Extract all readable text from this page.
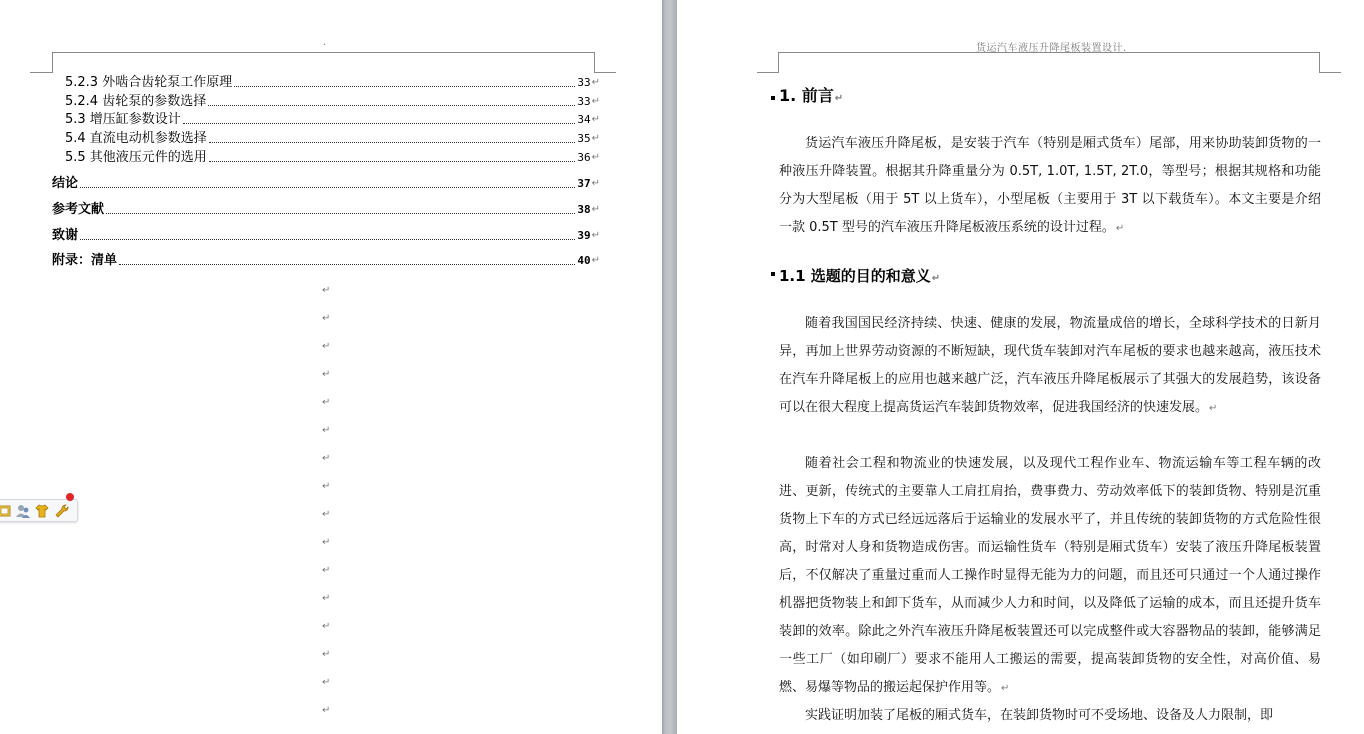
.
5.2.3 外啮合齿轮泵工作原理	33 ↵
5.2.4 齿轮泵的参数选择	33 ↵
5.3 增压缸参数设计	34 ↵
5.4 直流电动机参数选择	35 ↵
5.5 其他液压元件的选用	36 ↵
结论	37 ↵
参考文献	38 ↵
致谢	39 ↵
附录：清单	40 ↵
↵
↵
↵
↵
↵
↵
↵
↵
↵
↵
↵
↵
↵
↵
↵
↵
货运汽车液压升降尾板装置设计.
1. 前言↵

货运汽车液压升降尾板，是安装于汽车（特别是厢式货车）尾部，用来协助装卸货物的一种液压升降装置。根据其升降重量分为 0.5T, 1.0T, 1.5T, 2T.0，等型号；根据其规格和功能分为大型尾板（用于 5T 以上货车），小型尾板（主要用于 3T 以下载货车）。本文主要是介绍一款 0.5T 型号的汽车液压升降尾板液压系统的设计过程。↵

1.1 选题的目的和意义↵

随着我国国民经济持续、快速、健康的发展，物流量成倍的增长，全球科学技术的日新月异，再加上世界劳动资源的不断短缺，现代货车装卸对汽车尾板的要求也越来越高，液压技术在汽车升降尾板上的应用也越来越广泛，汽车液压升降尾板展示了其强大的发展趋势，该设备可以在很大程度上提高货运汽车装卸货物效率，促进我国经济的快速发展。↵

随着社会工程和物流业的快速发展，以及现代工程作业车、物流运输车等工程车辆的改进、更新，传统式的主要靠人工肩扛肩抬，费事费力、劳动效率低下的装卸货物、特别是沉重货物上下车的方式已经远远落后于运输业的发展水平了，并且传统的装卸货物的方式危险性很高，时常对人身和货物造成伤害。而运输性货车（特别是厢式货车）安装了液压升降尾板装置后，不仅解决了重量过重而人工操作时显得无能为力的问题，而且还可只通过一个人通过操作机器把货物装上和卸下货车，从而减少人力和时间，以及降低了运输的成本，而且还提升货车装卸的效率。除此之外汽车液压升降尾板装置还可以完成整件或大容器物品的装卸，能够满足一些工厂（如印刷厂）要求不能用人工搬运的需要，提高装卸货物的安全性，对高价值、易燃、易爆等物品的搬运起保护作用等。↵

实践证明加装了尾板的厢式货车，在装卸货物时可不受场地、设备及人力限制，即
